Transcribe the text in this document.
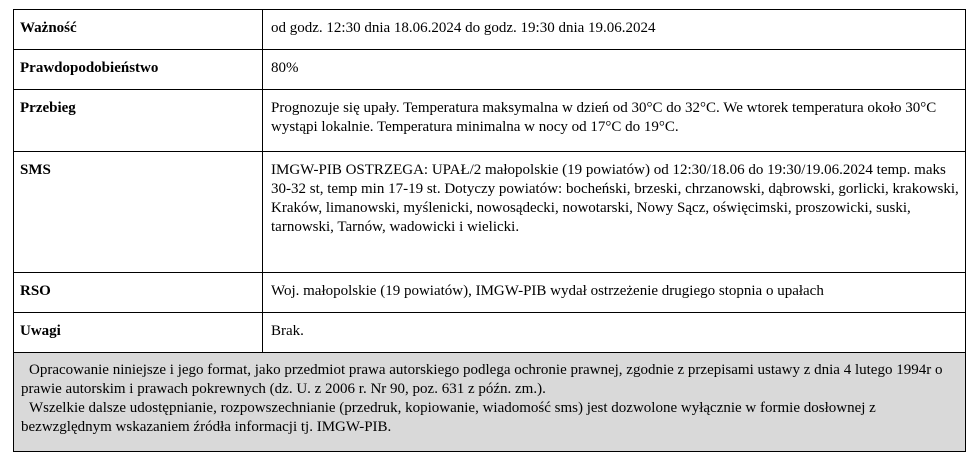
Ważność	od godz. 12:30 dnia 18.06.2024 do godz. 19:30 dnia 19.06.2024
Prawdopodobieństwo	80%
Przebieg	Prognozuje się upały. Temperatura maksymalna w dzień od 30°C do 32°C. We wtorek temperatura około 30°C wystąpi lokalnie. Temperatura minimalna w nocy od 17°C do 19°C.
SMS	IMGW-PIB OSTRZEGA: UPAŁ/2 małopolskie (19 powiatów) od 12:30/18.06 do 19:30/19.06.2024 temp. maks 30-32 st, temp min 17-19 st. Dotyczy powiatów: bocheński, brzeski, chrzanowski, dąbrowski, gorlicki, krakowski, Kraków, limanowski, myślenicki, nowosądecki, nowotarski, Nowy Sącz, oświęcimski, proszowicki, suski, tarnowski, Tarnów, wadowicki i wielicki.
RSO	Woj. małopolskie (19 powiatów), IMGW-PIB wydał ostrzeżenie drugiego stopnia o upałach
Uwagi	Brak.

Opracowanie niniejsze i jego format, jako przedmiot prawa autorskiego podlega ochronie prawnej, zgodnie z przepisami ustawy z dnia 4 lutego 1994r o prawie autorskim i prawach pokrewnych (dz. U. z 2006 r. Nr 90, poz. 631 z późn. zm.).

Wszelkie dalsze udostępnianie, rozpowszechnianie (przedruk, kopiowanie, wiadomość sms) jest dozwolone wyłącznie w formie dosłownej z bezwzględnym wskazaniem źródła informacji tj. IMGW-PIB.	
